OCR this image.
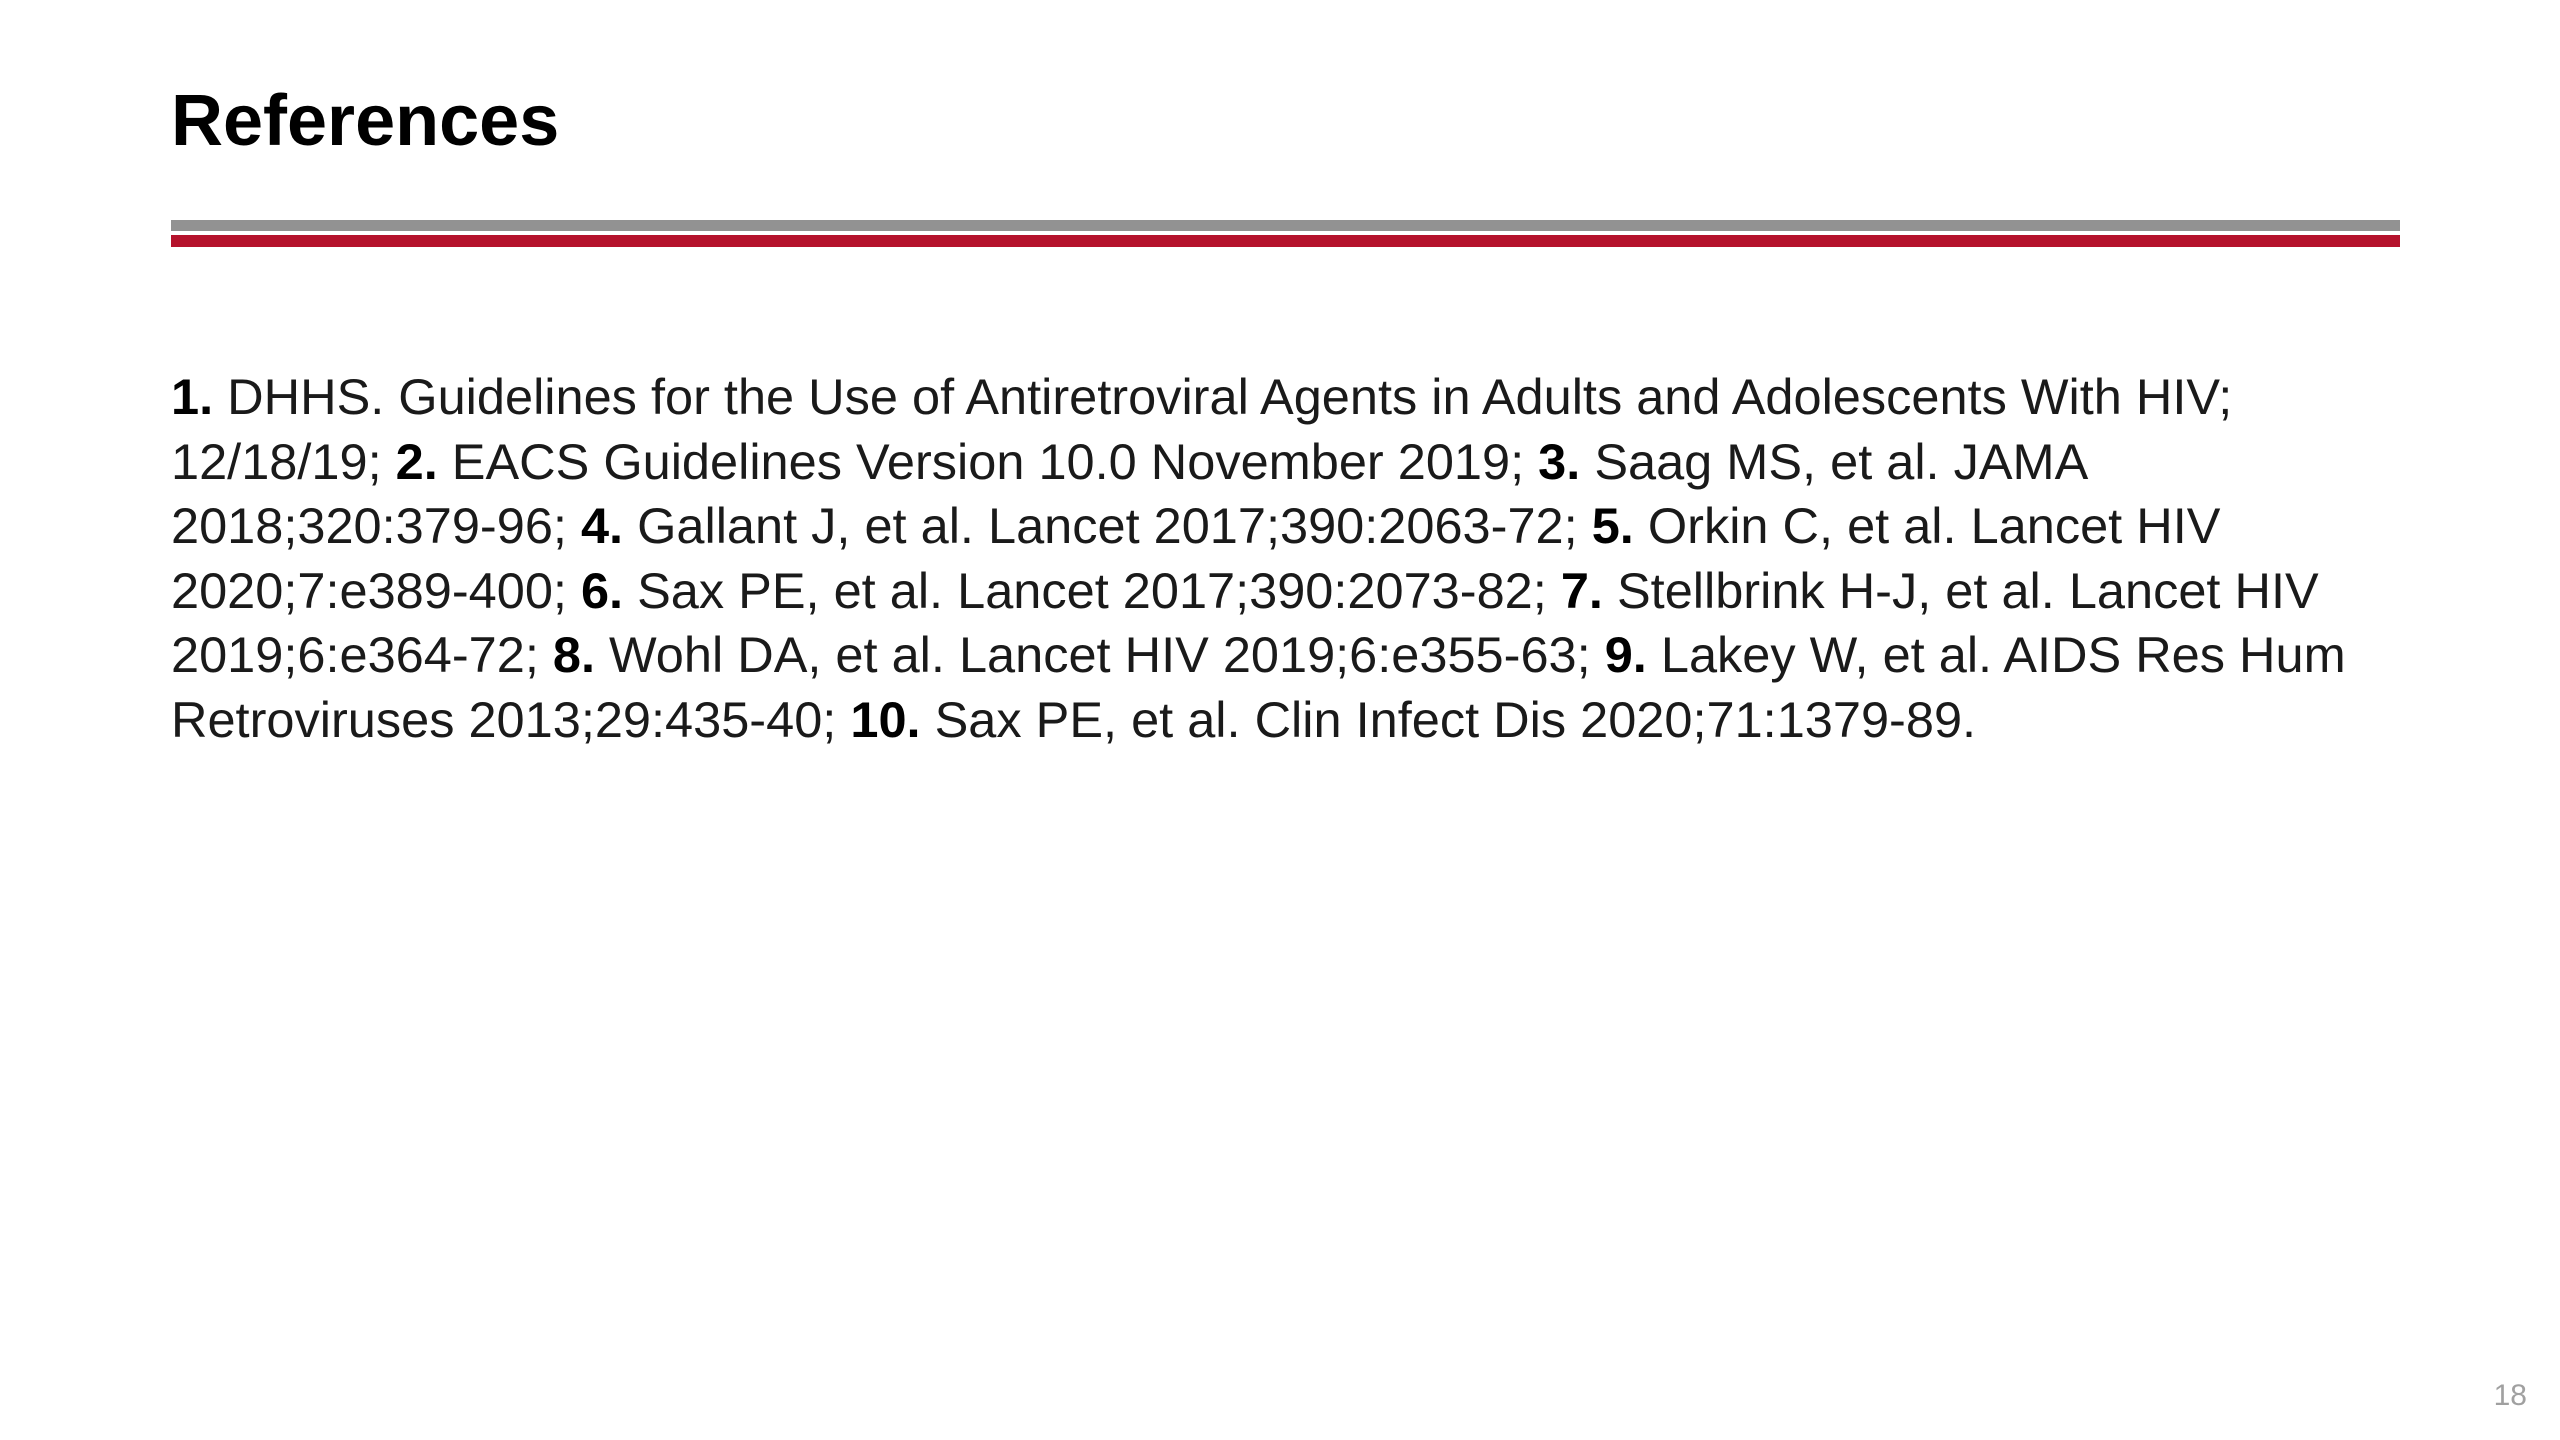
References

1. DHHS. Guidelines for the Use of Antiretroviral Agents in Adults and Adolescents With HIV; 12/18/19; 2. EACS Guidelines Version 10.0 November 2019; 3. Saag MS, et al. JAMA 2018;320:379-96; 4. Gallant J, et al. Lancet 2017;390:2063-72; 5. Orkin C, et al. Lancet HIV 2020;7:e389-400; 6. Sax PE, et al. Lancet 2017;390:2073-82; 7. Stellbrink H-J, et al. Lancet HIV 2019;6:e364-72; 8. Wohl DA, et al. Lancet HIV 2019;6:e355-63; 9. Lakey W, et al. AIDS Res Hum Retroviruses 2013;29:435-40; 10. Sax PE, et al. Clin Infect Dis 2020;71:1379-89.

18
